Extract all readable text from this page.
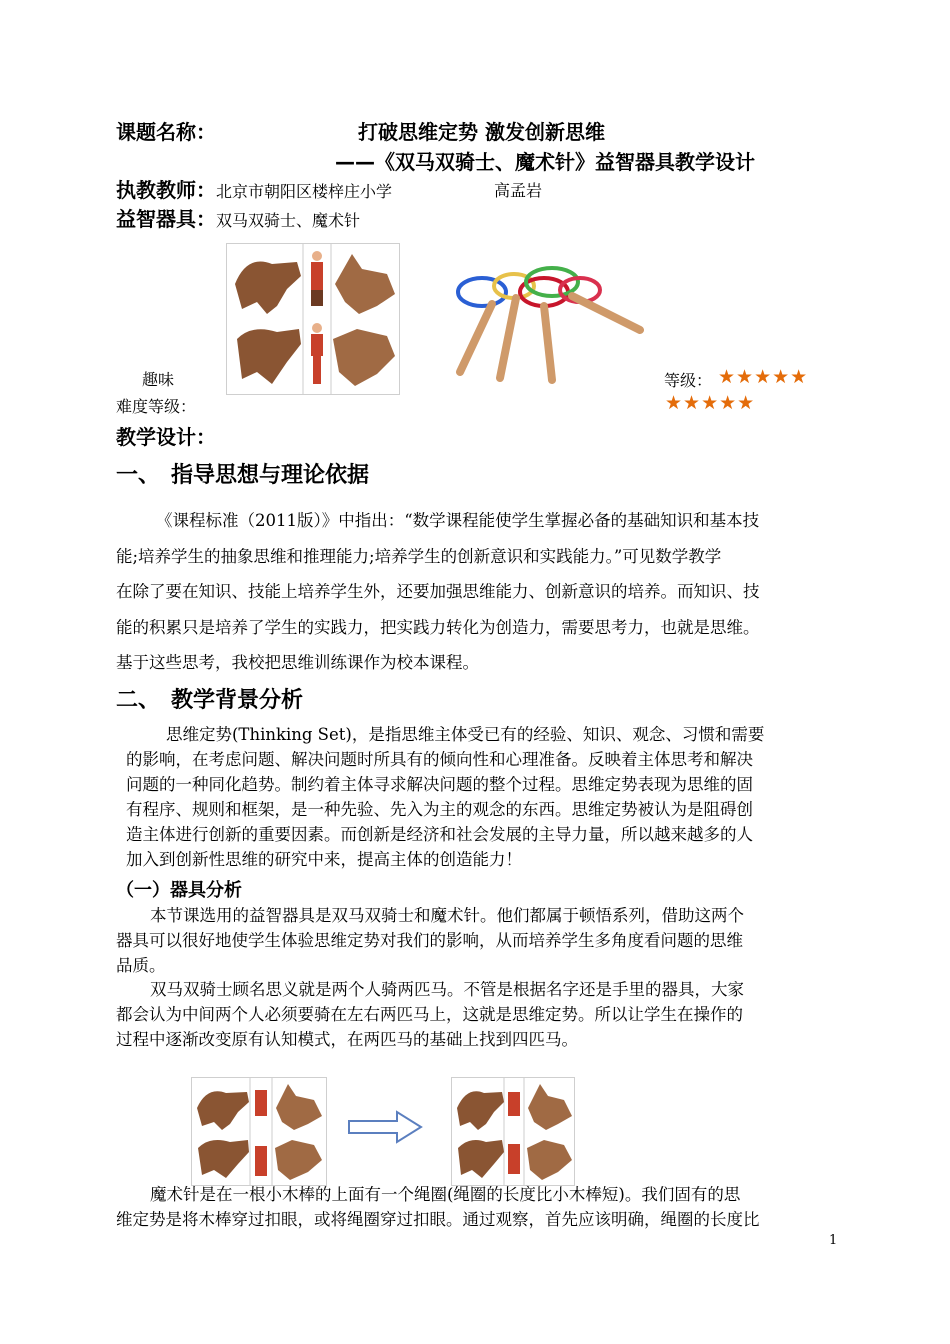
课题名称：	打破思维定势 激发创新思维
——《双马双骑士、魔术针》益智器具教学设计
执教教师：北京市朝阳区楼梓庄小学	高孟岩
益智器具：双马双骑士、魔术针
趣味
难度等级：
等级： ★★★★★
★★★★★
教学设计：
一、 指导思想与理论依据
《课程标准（2011版）》中指出：“数学课程能使学生掌握必备的基础知识和基本技
能;培养学生的抽象思维和推理能力;培养学生的创新意识和实践能力。”可见数学教学
在除了要在知识、技能上培养学生外，还要加强思维能力、创新意识的培养。而知识、技
能的积累只是培养了学生的实践力，把实践力转化为创造力，需要思考力，也就是思维。
基于这些思考，我校把思维训练课作为校本课程。
二、 教学背景分析
思维定势(Thinking Set)，是指思维主体受已有的经验、知识、观念、习惯和需要
的影响，在考虑问题、解决问题时所具有的倾向性和心理准备。反映着主体思考和解决
问题的一种同化趋势。制约着主体寻求解决问题的整个过程。思维定势表现为思维的固
有程序、规则和框架，是一种先验、先入为主的观念的东西。思维定势被认为是阻碍创
造主体进行创新的重要因素。而创新是经济和社会发展的主导力量，所以越来越多的人
加入到创新性思维的研究中来，提高主体的创造能力！
（一）器具分析
本节课选用的益智器具是双马双骑士和魔术针。他们都属于顿悟系列，借助这两个
器具可以很好地使学生体验思维定势对我们的影响，从而培养学生多角度看问题的思维
品质。
双马双骑士顾名思义就是两个人骑两匹马。不管是根据名字还是手里的器具，大家
都会认为中间两个人必须要骑在左右两匹马上，这就是思维定势。所以让学生在操作的
过程中逐渐改变原有认知模式，在两匹马的基础上找到四匹马。
魔术针是在一根小木棒的上面有一个绳圈(绳圈的长度比小木棒短)。我们固有的思
维定势是将木棒穿过扣眼，或将绳圈穿过扣眼。通过观察，首先应该明确，绳圈的长度比
1
